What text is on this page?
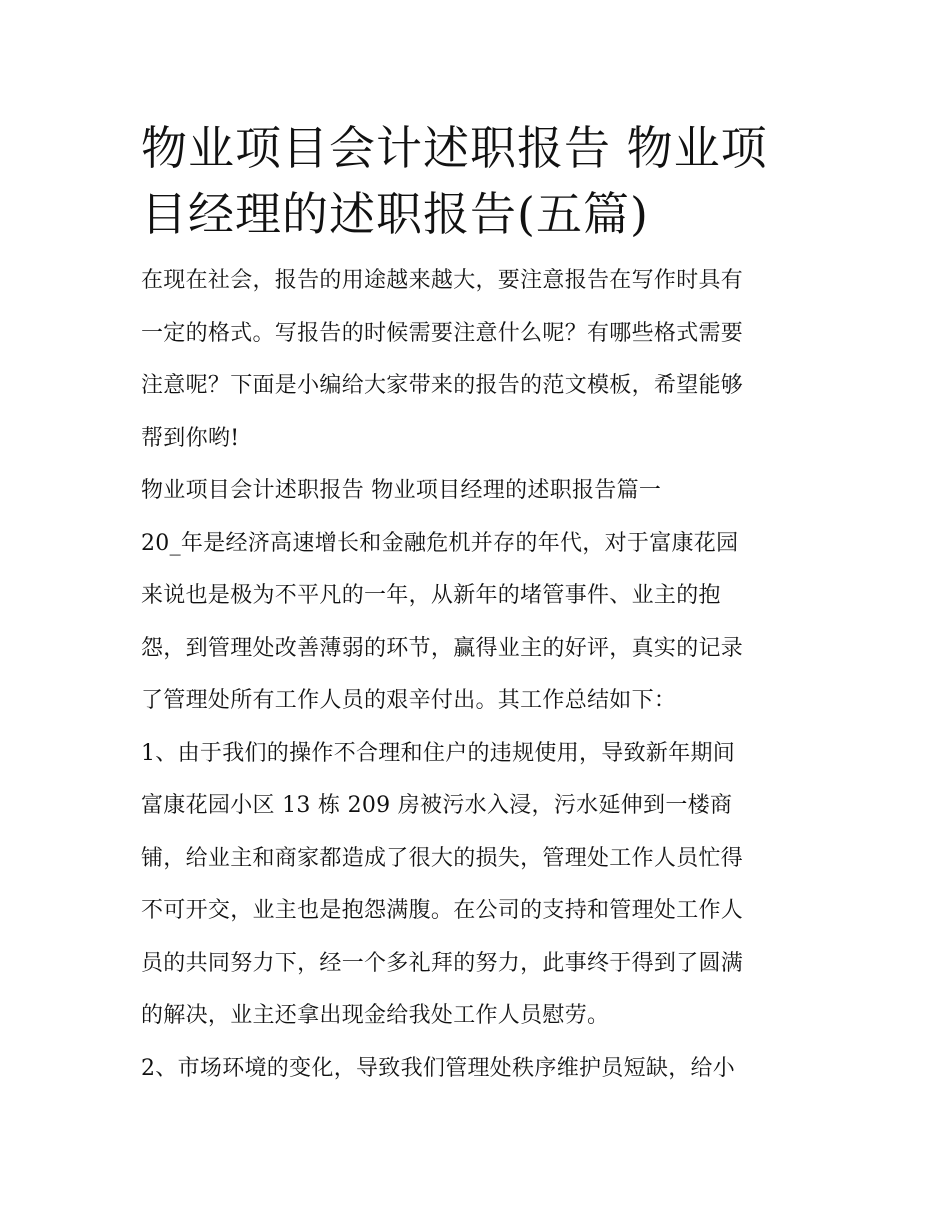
物业项目会计述职报告 物业项
目经理的述职报告(五篇)
在现在社会，报告的用途越来越大，要注意报告在写作时具有
一定的格式。写报告的时候需要注意什么呢？有哪些格式需要
注意呢？下面是小编给大家带来的报告的范文模板，希望能够
帮到你哟!
物业项目会计述职报告 物业项目经理的述职报告篇一
20_年是经济高速增长和金融危机并存的年代，对于富康花园
来说也是极为不平凡的一年，从新年的堵管事件、业主的抱
怨，到管理处改善薄弱的环节，赢得业主的好评，真实的记录
了管理处所有工作人员的艰辛付出。其工作总结如下：
1、由于我们的操作不合理和住户的违规使用，导致新年期间
富康花园小区 13 栋 209 房被污水入浸，污水延伸到一楼商
铺，给业主和商家都造成了很大的损失，管理处工作人员忙得
不可开交，业主也是抱怨满腹。在公司的支持和管理处工作人
员的共同努力下，经一个多礼拜的努力，此事终于得到了圆满
的解决，业主还拿出现金给我处工作人员慰劳。
2、市场环境的变化，导致我们管理处秩序维护员短缺，给小
